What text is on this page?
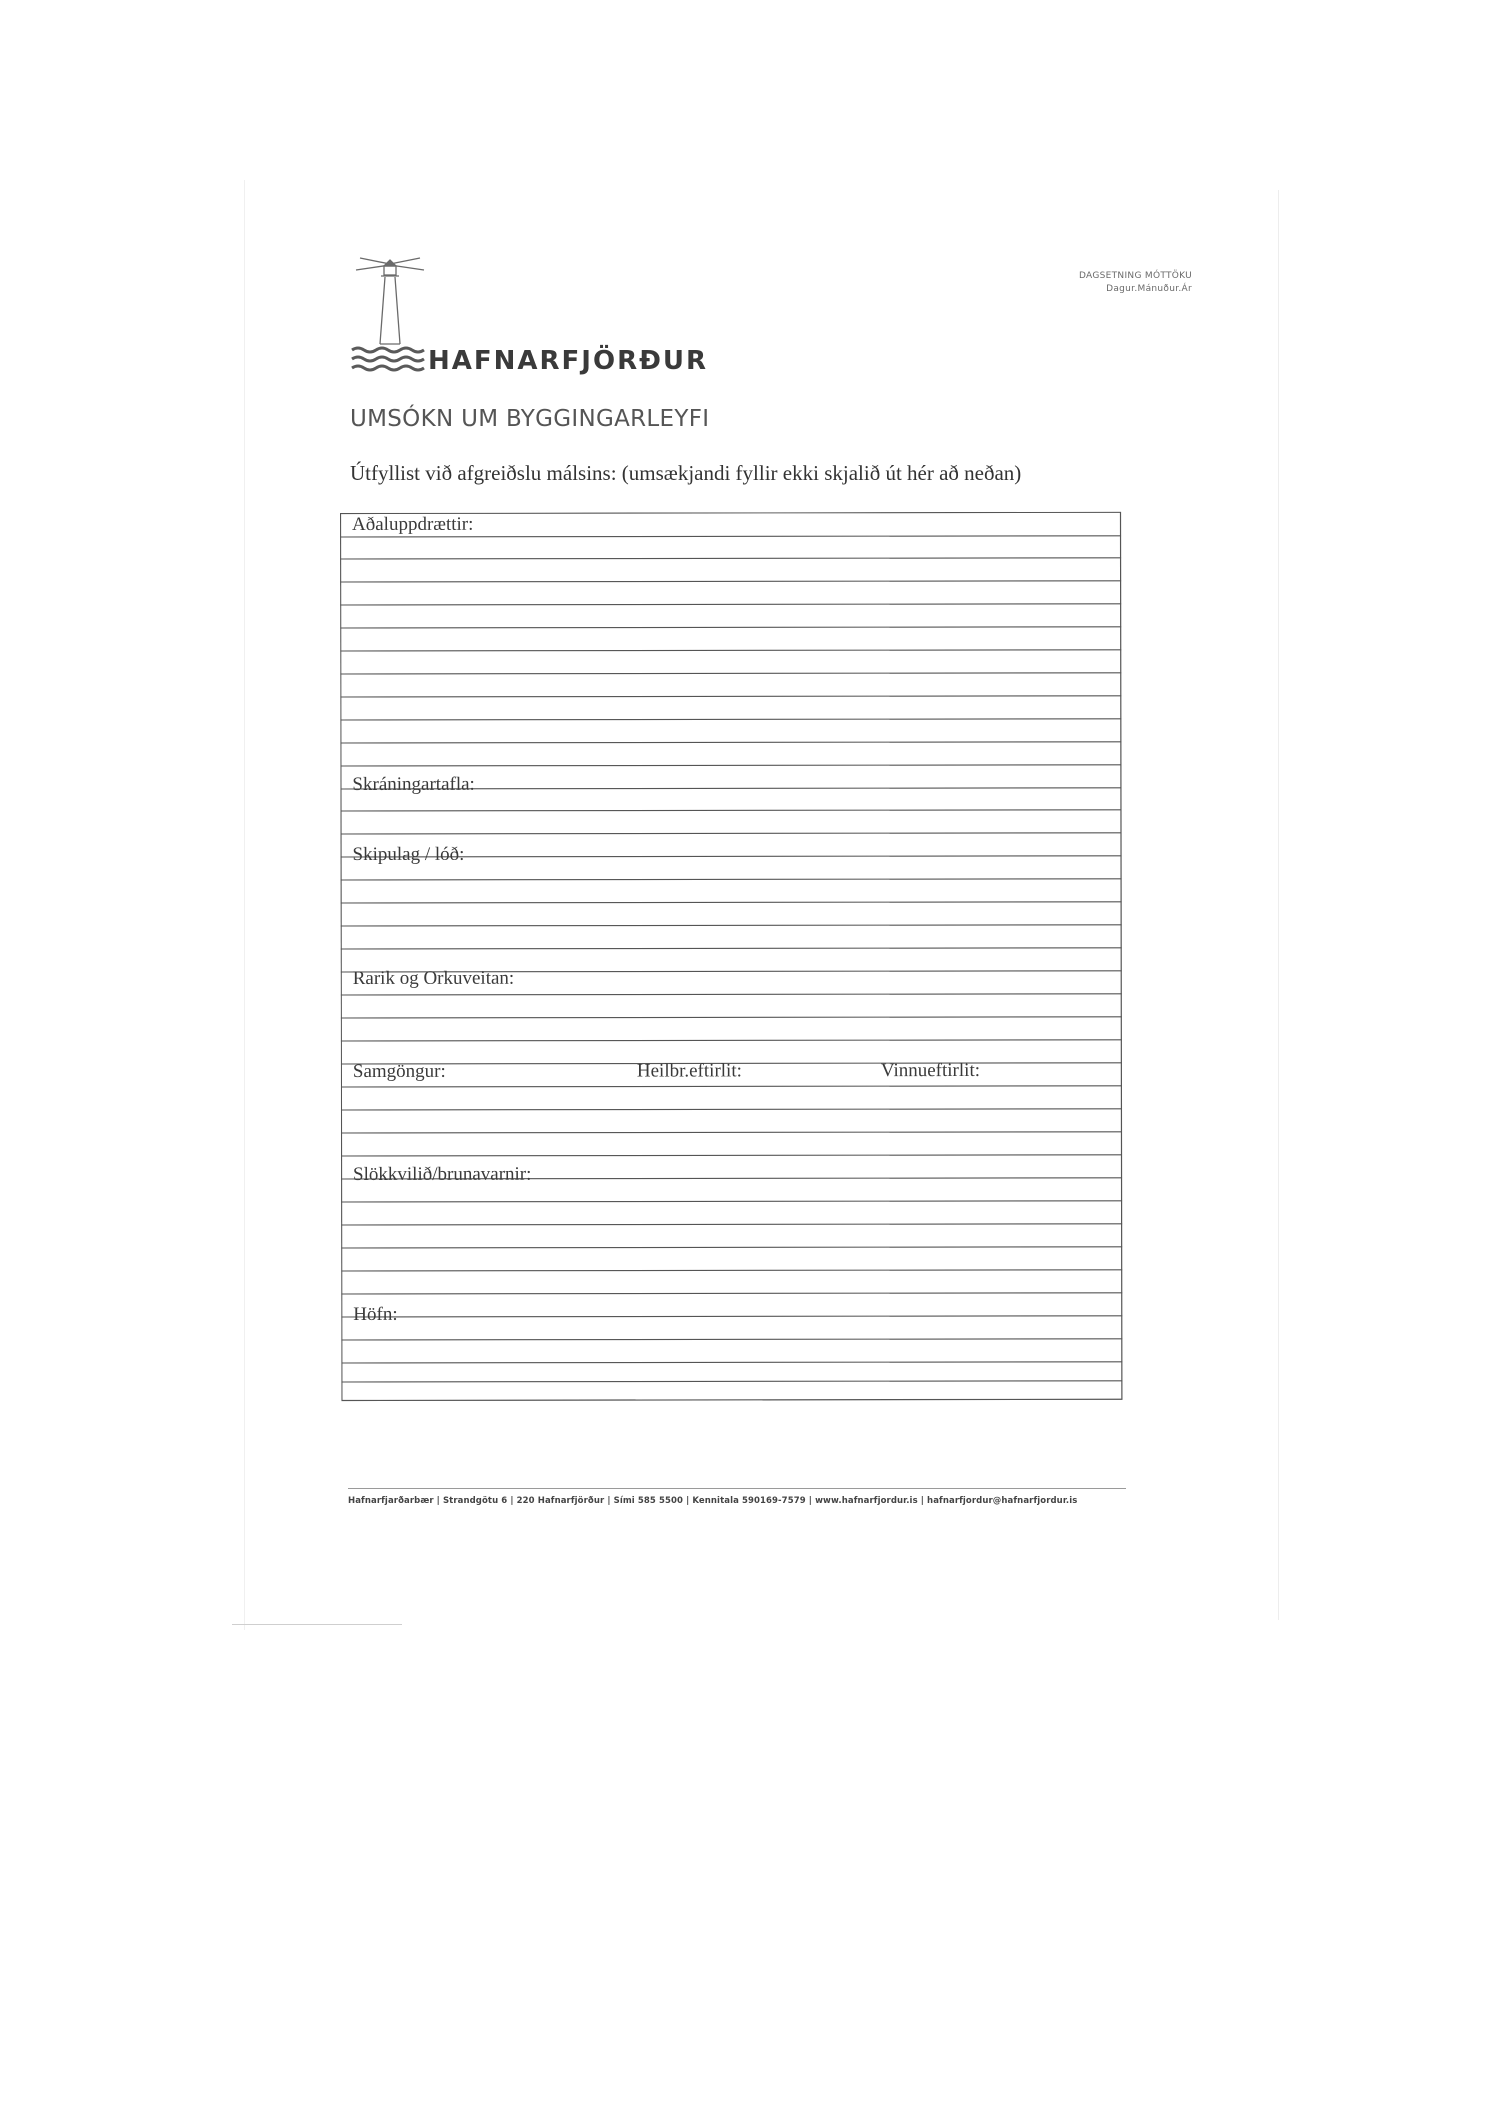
HAFNARFJÖRÐUR
DAGSETNING MÓTTÖKU
Dagur.Mánuður.Ár
UMSÓKN UM BYGGINGARLEYFI
Útfyllist við afgreiðslu málsins: (umsækjandi fyllir ekki skjalið út hér að neðan)
Aðaluppdrættir:
Skráningartafla:
Skipulag / lóð:
Rarik og Orkuveitan:
Samgöngur:	Heilbr.eftirlit:	Vinnueftirlit:
Slökkvilið/brunavarnir:
Höfn:
Hafnarfjarðarbær | Strandgötu 6 | 220 Hafnarfjörður | Sími 585 5500 | Kennitala 590169-7579 | www.hafnarfjordur.is | hafnarfjordur@hafnarfjordur.is
